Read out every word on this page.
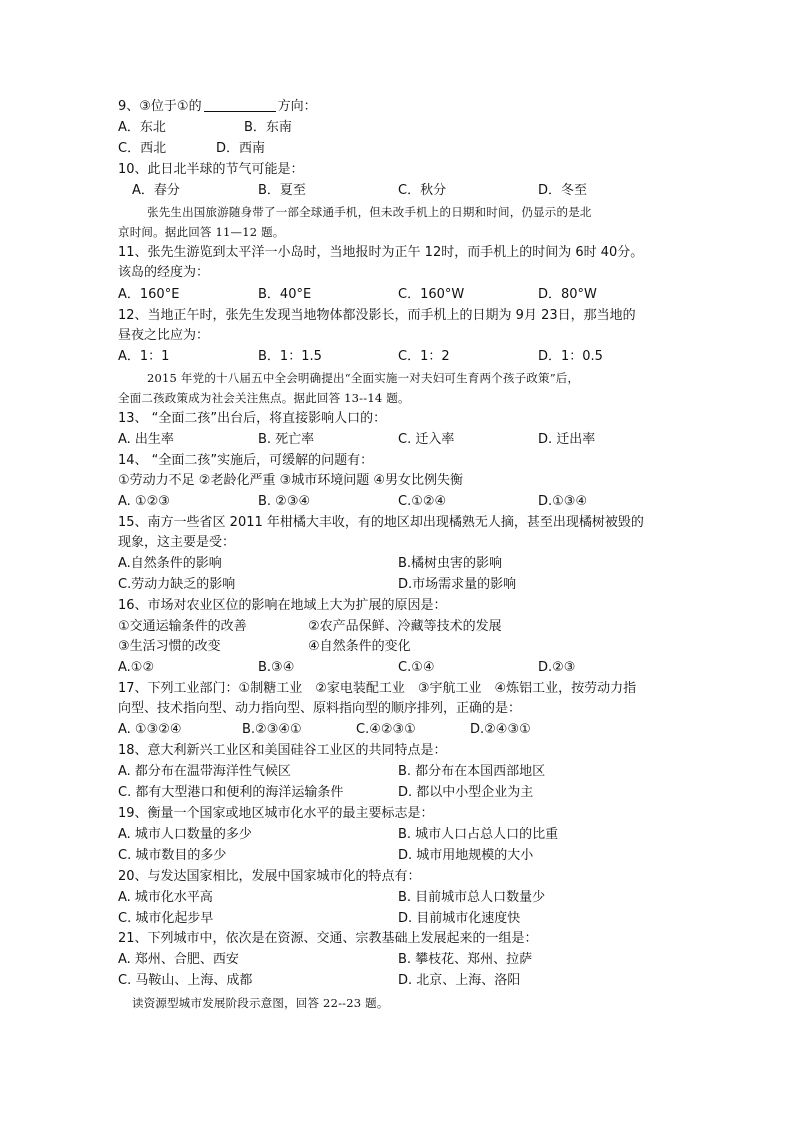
9、③位于①的	方向：
A．东北	B．东南
C．西北	D．西南
10、此日北半球的节气可能是：
A．春分	B．夏至	C．秋分	D．冬至
张先生出国旅游随身带了一部全球通手机，但未改手机上的日期和时间，仍显示的是北
京时间。据此回答 11—12 题。
11、张先生游览到太平洋一小岛时，当地报时为正午 12时，而手机上的时间为 6时 40分。
该岛的经度为：
A．160°E	B．40°E	C．160°W	D．80°W
12、当地正午时，张先生发现当地物体都没影长，而手机上的日期为 9月 23日，那当地的
昼夜之比应为：
A．1：1	B．1：1.5	C．1：2	D．1：0.5
2015 年党的十八届五中全会明确提出“全面实施一对夫妇可生育两个孩子政策”后，
全面二孩政策成为社会关注焦点。据此回答 13--14 题。
13、 “全面二孩”出台后，将直接影响人口的：
A. 出生率	B. 死亡率	C. 迁入率	D. 迁出率
14、 “全面二孩”实施后，可缓解的问题有：
①劳动力不足 ②老龄化严重 ③城市环境问题 ④男女比例失衡
A. ①②③	B. ②③④	C.①②④	D.①③④
15、南方一些省区 2011 年柑橘大丰收，有的地区却出现橘熟无人摘，甚至出现橘树被毁的
现象，这主要是受：
A.自然条件的影响	B.橘树虫害的影响
C.劳动力缺乏的影响	D.市场需求量的影响
16、市场对农业区位的影响在地域上大为扩展的原因是：
①交通运输条件的改善	②农产品保鲜、冷藏等技术的发展
③生活习惯的改变	④自然条件的变化
A.①②	B.③④	C.①④	D.②③
17、下列工业部门：①制糖工业　②家电装配工业　③宇航工业　④炼铝工业，按劳动力指
向型、技术指向型、动力指向型、原料指向型的顺序排列，正确的是：
A. ①③②④	B.②③④①	C.④②③①	D.②④③①
18、意大利新兴工业区和美国硅谷工业区的共同特点是：
A. 都分布在温带海洋性气候区	B. 都分布在本国西部地区
C. 都有大型港口和便利的海洋运输条件	D. 都以中小型企业为主
19、衡量一个国家或地区城市化水平的最主要标志是：
A. 城市人口数量的多少	B. 城市人口占总人口的比重
C. 城市数目的多少	D. 城市用地规模的大小
20、与发达国家相比，发展中国家城市化的特点有：
A. 城市化水平高	B. 目前城市总人口数量少
C. 城市化起步早	D. 目前城市化速度快
21、下列城市中，依次是在资源、交通、宗教基础上发展起来的一组是：
A. 郑州、合肥、西安	B. 攀枝花、郑州、拉萨
C. 马鞍山、上海、成都	D. 北京、上海、洛阳
读资源型城市发展阶段示意图，回答 22--23 题。
